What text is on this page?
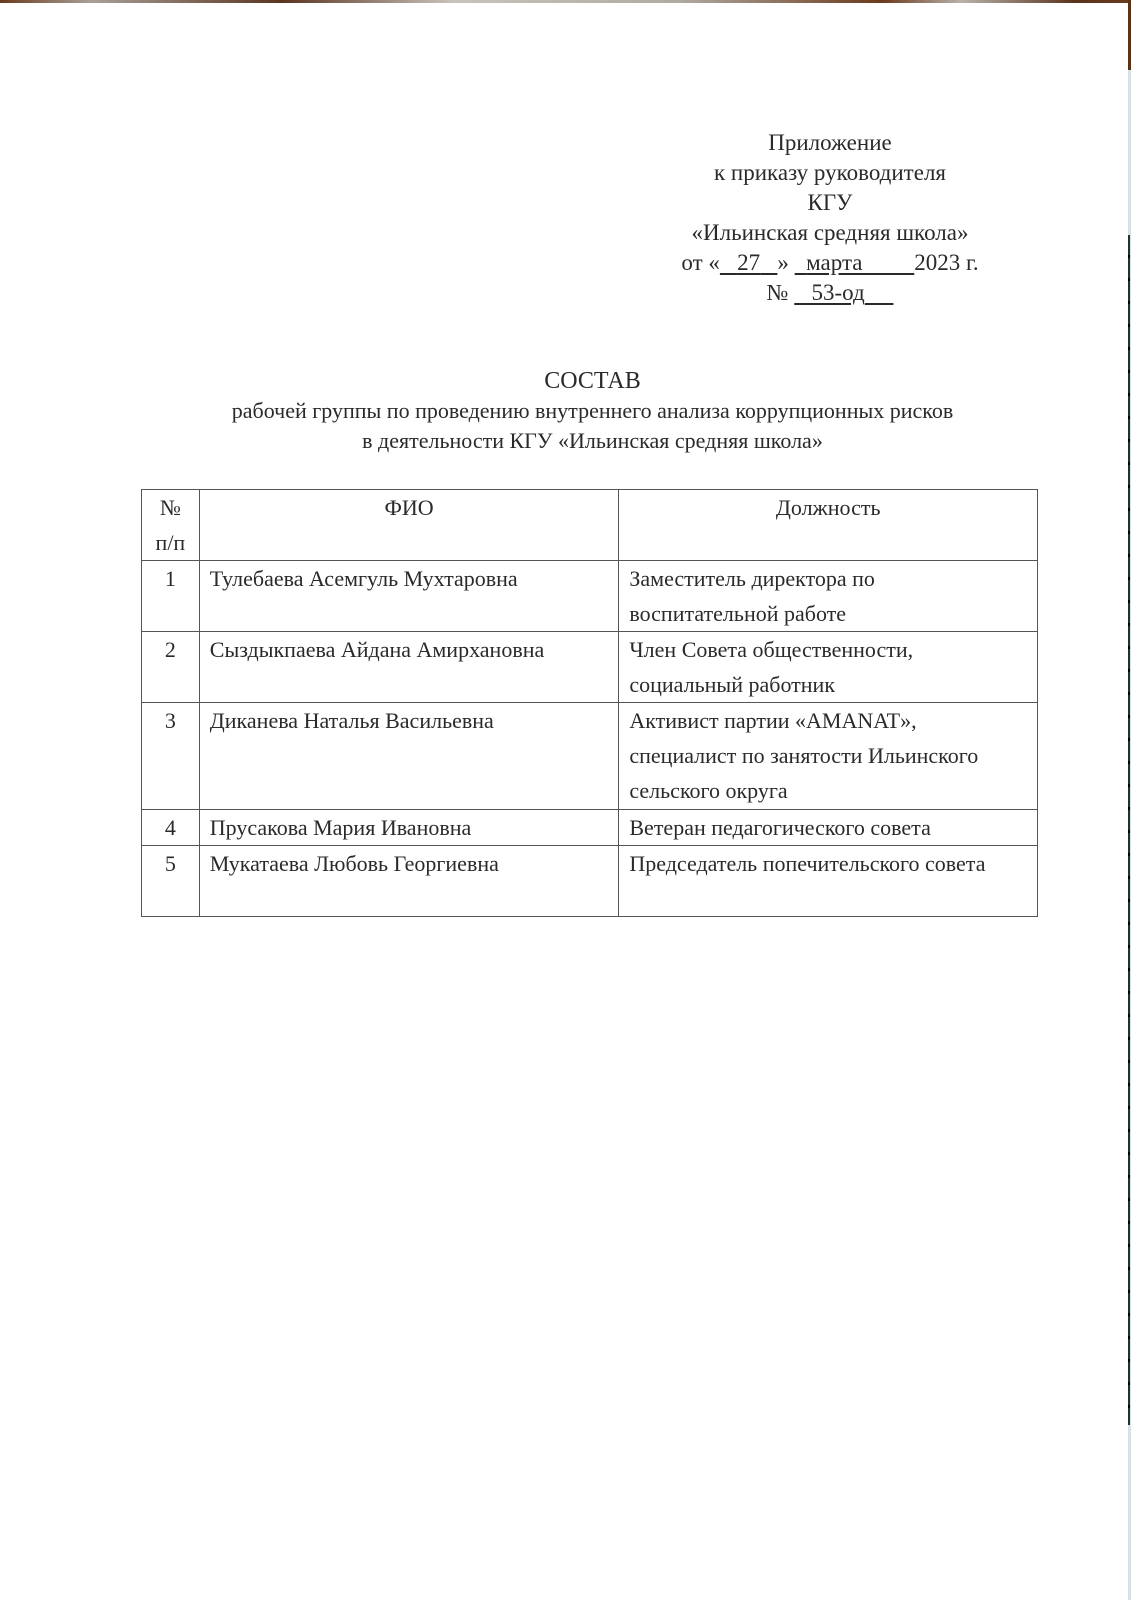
Приложение
к приказу руководителя
КГУ
«Ильинская средняя школа»
от « 27 » марта 2023 г.
№ 53-од
СОСТАВ
рабочей группы по проведению внутреннего анализа коррупционных рисков
в деятельности КГУ «Ильинская средняя школа»
№
п/п	ФИО	Должность
1	Тулебаева Асемгуль Мухтаровна	Заместитель директора по воспитательной работе
2	Сыздыкпаева Айдана Амирхановна	Член Совета общественности, социальный работник
3	Диканева Наталья Васильевна	Активист партии «AMANAT», специалист по занятости Ильинского сельского округа
4	Прусакова Мария Ивановна	Ветеран педагогического совета
5	Мукатаева Любовь Георгиевна	Председатель попечительского совета
